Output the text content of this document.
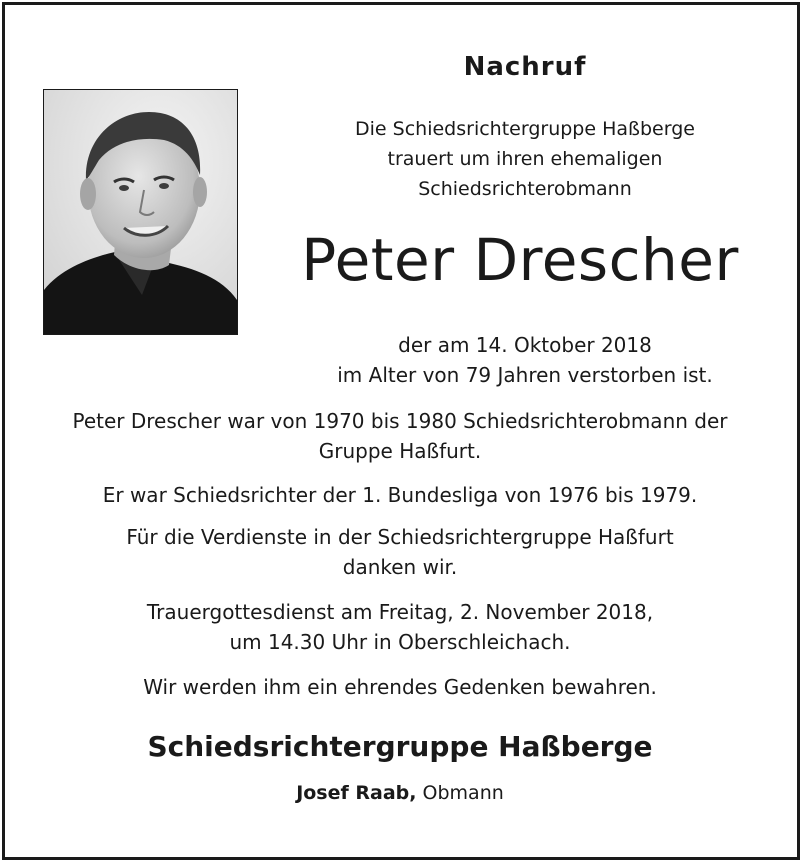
Nachruf
Die Schiedsrichtergruppe Haßberge
trauert um ihren ehemaligen
Schiedsrichterobmann
Peter Drescher
der am 14. Oktober 2018
im Alter von 79 Jahren verstorben ist.
Peter Drescher war von 1970 bis 1980 Schiedsrichterobmann der
Gruppe Haßfurt.
Er war Schiedsrichter der 1. Bundesliga von 1976 bis 1979.
Für die Verdienste in der Schiedsrichtergruppe Haßfurt
danken wir.
Trauergottesdienst am Freitag, 2. November 2018,
um 14.30 Uhr in Oberschleichach.
Wir werden ihm ein ehrendes Gedenken bewahren.
Schiedsrichtergruppe Haßberge
Josef Raab, Obmann
